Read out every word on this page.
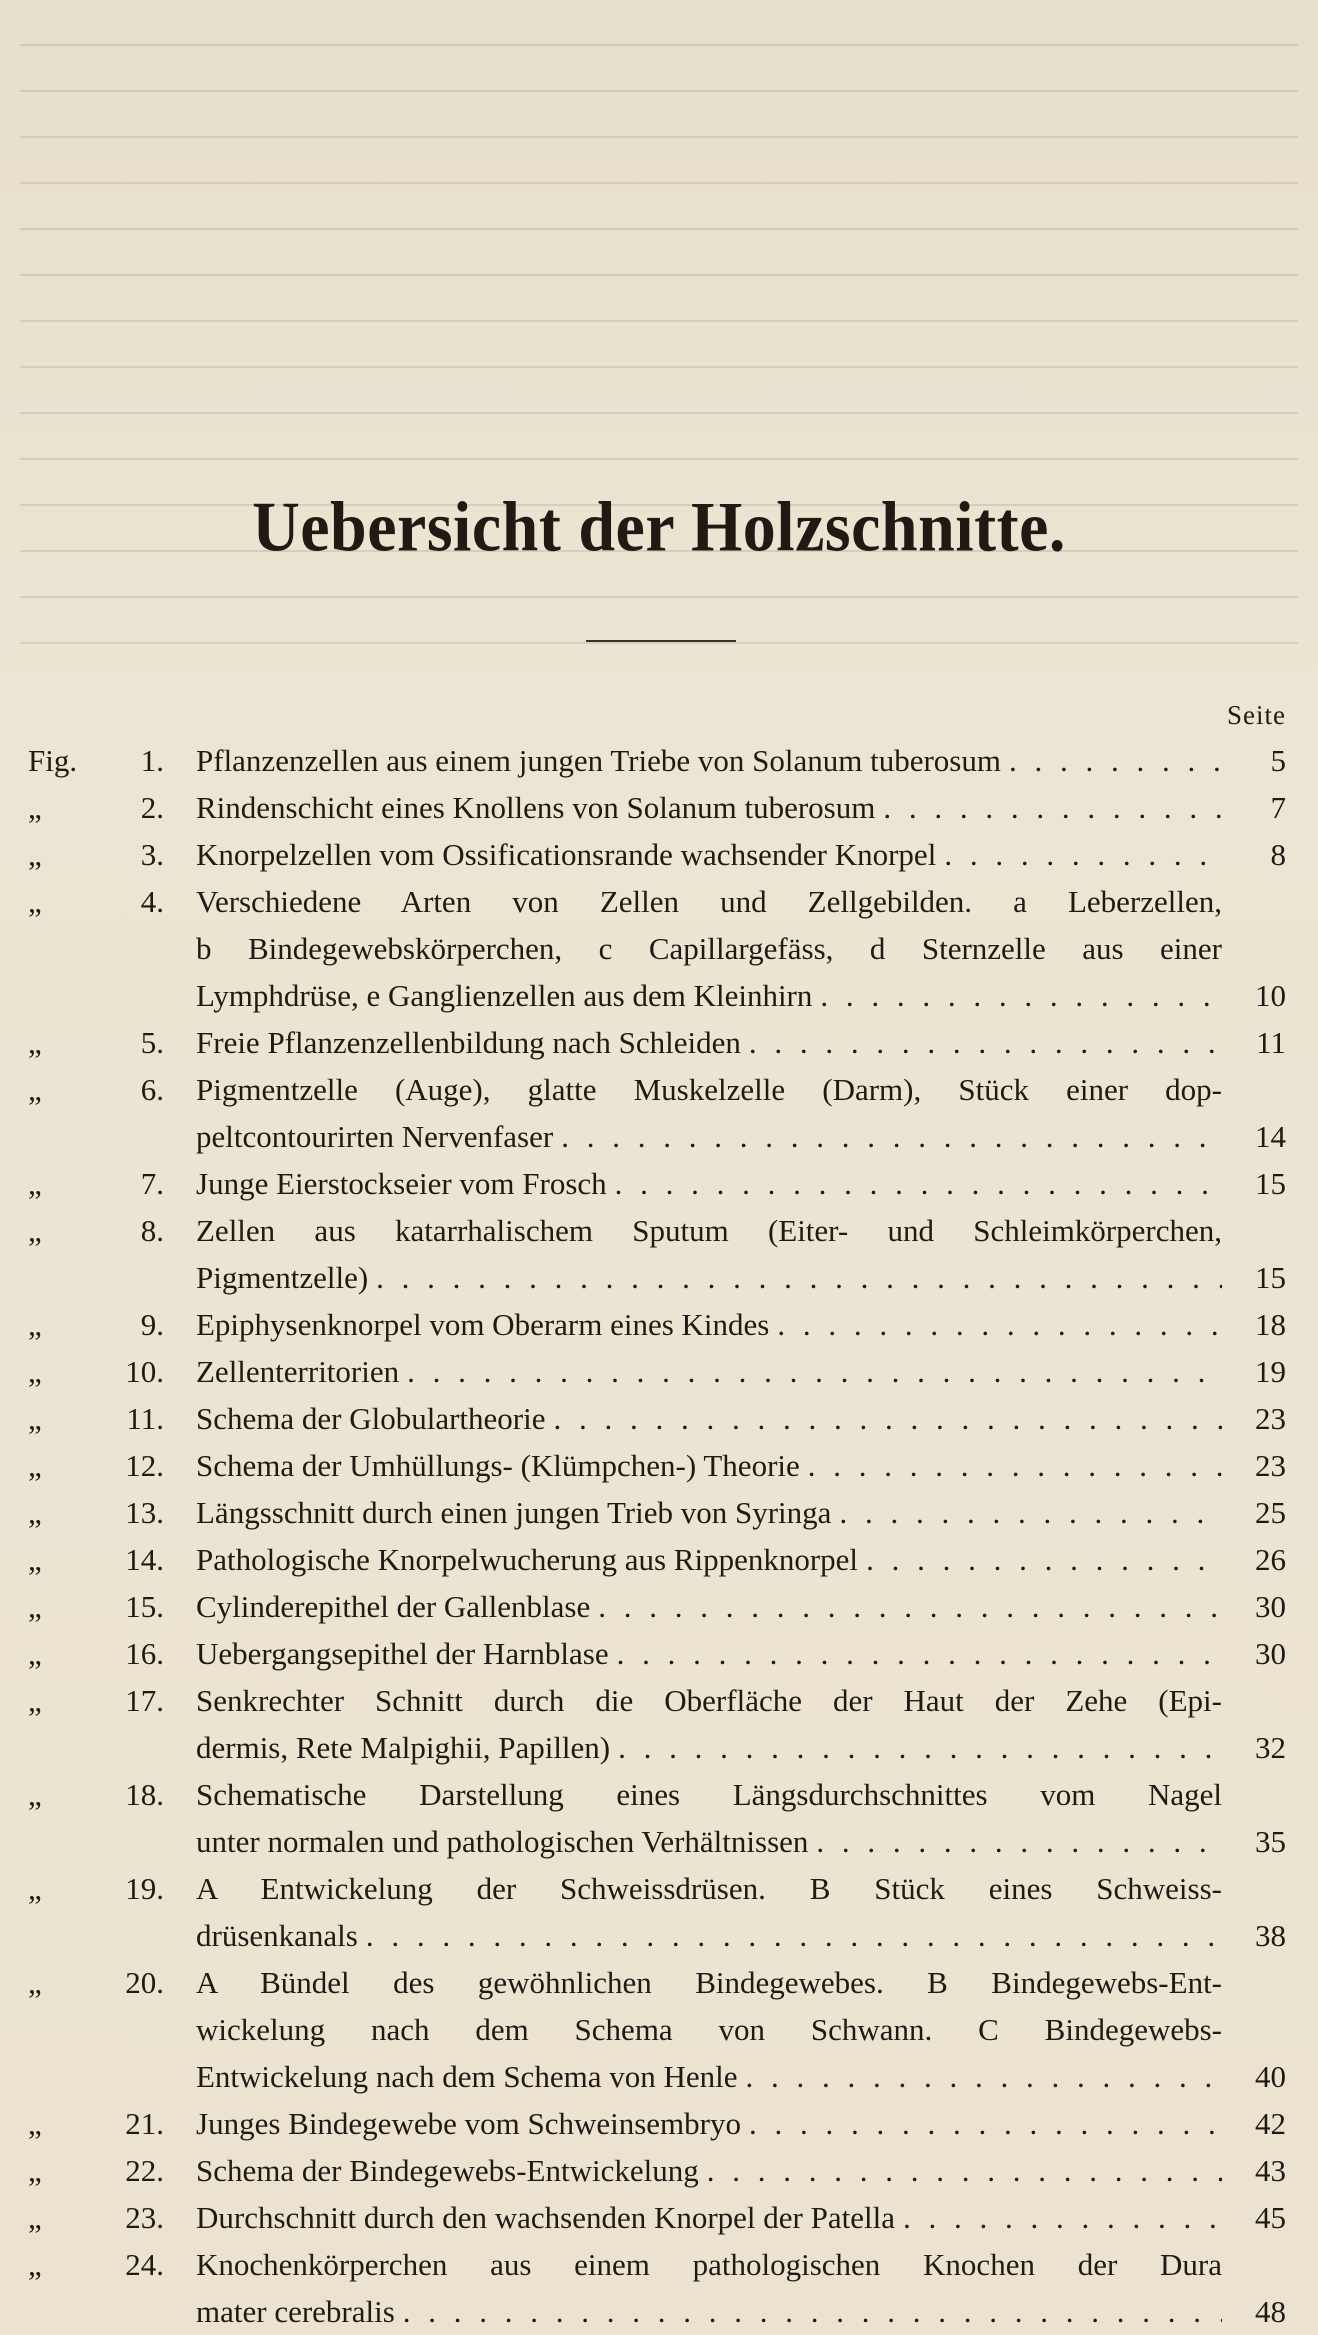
Uebersicht der Holzschnitte.
Seite
Fig.	1. Pflanzenzellen aus einem jungen Triebe von Solanum tuberosum . . .	5
„	2. Rindenschicht eines Knollens von Solanum tuberosum . . .	7
„	3. Knorpelzellen vom Ossificationsrande wachsender Knorpel . . .	8
„	4. Verschiedene Arten von Zellen und Zellgebilden. a Leberzellen,
b Bindegewebskörperchen, c Capillargefäss, d Sternzelle aus einer
Lymphdrüse, e Ganglienzellen aus dem Kleinhirn . . .	10
„	5. Freie Pflanzenzellenbildung nach Schleiden . . .	11
„	6. Pigmentzelle (Auge), glatte Muskelzelle (Darm), Stück einer dop-
peltcontourirten Nervenfaser . . .	14
„	7. Junge Eierstockseier vom Frosch . . .	15
„	8. Zellen aus katarrhalischem Sputum (Eiter- und Schleimkörperchen,
Pigmentzelle) . . .	15
„	9. Epiphysenknorpel vom Oberarm eines Kindes . . .	18
„	10. Zellenterritorien . . .	19
„	11. Schema der Globulartheorie . . .	23
„	12. Schema der Umhüllungs- (Klümpchen-) Theorie . . .	23
„	13. Längsschnitt durch einen jungen Trieb von Syringa . . .	25
„	14. Pathologische Knorpelwucherung aus Rippenknorpel . . .	26
„	15. Cylinderepithel der Gallenblase . . .	30
„	16. Uebergangsepithel der Harnblase . . .	30
„	17. Senkrechter Schnitt durch die Oberfläche der Haut der Zehe (Epi-
dermis, Rete Malpighii, Papillen) . . .	32
„	18. Schematische Darstellung eines Längsdurchschnittes vom Nagel
unter normalen und pathologischen Verhältnissen . . .	35
„	19. A Entwickelung der Schweissdrüsen. B Stück eines Schweiss-
drüsenkanals . . .	38
„	20. A Bündel des gewöhnlichen Bindegewebes. B Bindegewebs-Ent-
wickelung nach dem Schema von Schwann. C Bindegewebs-
Entwickelung nach dem Schema von Henle . . .	40
„	21. Junges Bindegewebe vom Schweinsembryo . . .	42
„	22. Schema der Bindegewebs-Entwickelung . . .	43
„	23. Durchschnitt durch den wachsenden Knorpel der Patella . . .	45
„	24. Knochenkörperchen aus einem pathologischen Knochen der Dura
mater cerebralis . . .	48
